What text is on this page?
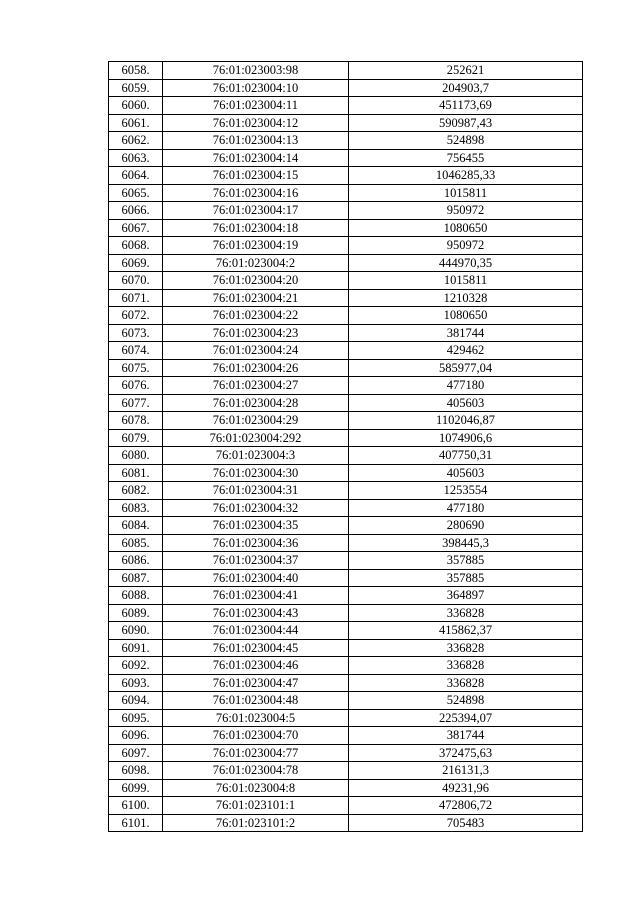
6058.	76:01:023003:98	252621
6059.	76:01:023004:10	204903,7
6060.	76:01:023004:11	451173,69
6061.	76:01:023004:12	590987,43
6062.	76:01:023004:13	524898
6063.	76:01:023004:14	756455
6064.	76:01:023004:15	1046285,33
6065.	76:01:023004:16	1015811
6066.	76:01:023004:17	950972
6067.	76:01:023004:18	1080650
6068.	76:01:023004:19	950972
6069.	76:01:023004:2	444970,35
6070.	76:01:023004:20	1015811
6071.	76:01:023004:21	1210328
6072.	76:01:023004:22	1080650
6073.	76:01:023004:23	381744
6074.	76:01:023004:24	429462
6075.	76:01:023004:26	585977,04
6076.	76:01:023004:27	477180
6077.	76:01:023004:28	405603
6078.	76:01:023004:29	1102046,87
6079.	76:01:023004:292	1074906,6
6080.	76:01:023004:3	407750,31
6081.	76:01:023004:30	405603
6082.	76:01:023004:31	1253554
6083.	76:01:023004:32	477180
6084.	76:01:023004:35	280690
6085.	76:01:023004:36	398445,3
6086.	76:01:023004:37	357885
6087.	76:01:023004:40	357885
6088.	76:01:023004:41	364897
6089.	76:01:023004:43	336828
6090.	76:01:023004:44	415862,37
6091.	76:01:023004:45	336828
6092.	76:01:023004:46	336828
6093.	76:01:023004:47	336828
6094.	76:01:023004:48	524898
6095.	76:01:023004:5	225394,07
6096.	76:01:023004:70	381744
6097.	76:01:023004:77	372475,63
6098.	76:01:023004:78	216131,3
6099.	76:01:023004:8	49231,96
6100.	76:01:023101:1	472806,72
6101.	76:01:023101:2	705483
